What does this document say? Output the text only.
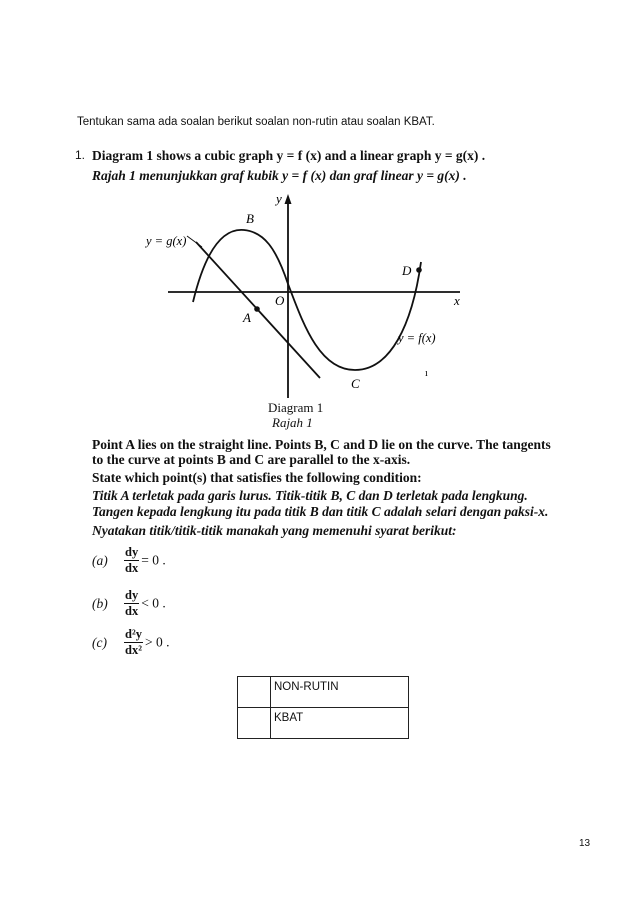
Tentukan sama ada soalan berikut soalan non-rutin atau soalan KBAT.
1. Diagram 1 shows a cubic graph y = f (x) and a linear graph y = g(x) .
Rajah 1 menunjukkan graf kubik y = f (x) dan graf linear y = g(x) .
ı
y
x
O
B
A
C
D
y = g(x)
y = f(x)
Diagram 1
Rajah 1
Point A lies on the straight line. Points B, C and D lie on the curve. The tangents
to the curve at points B and C are parallel to the x-axis.
State which point(s) that satisfies the following condition:
Titik A terletak pada garis lurus. Titik-titik B, C dan D terletak pada lengkung.
Tangen kepada lengkung itu pada titik B dan titik C adalah selari dengan paksi-x.
Nyatakan titik/titik-titik manakah yang memenuhi syarat berikut:
$(a) \frac{dy}{dx} = 0$ .
$(b) \frac{dy}{dx} < 0$ .
$(c) \frac{\text{d²y}}{\text{dx²}} > 0$ .
	NON-RUTIN
	KBAT
13
